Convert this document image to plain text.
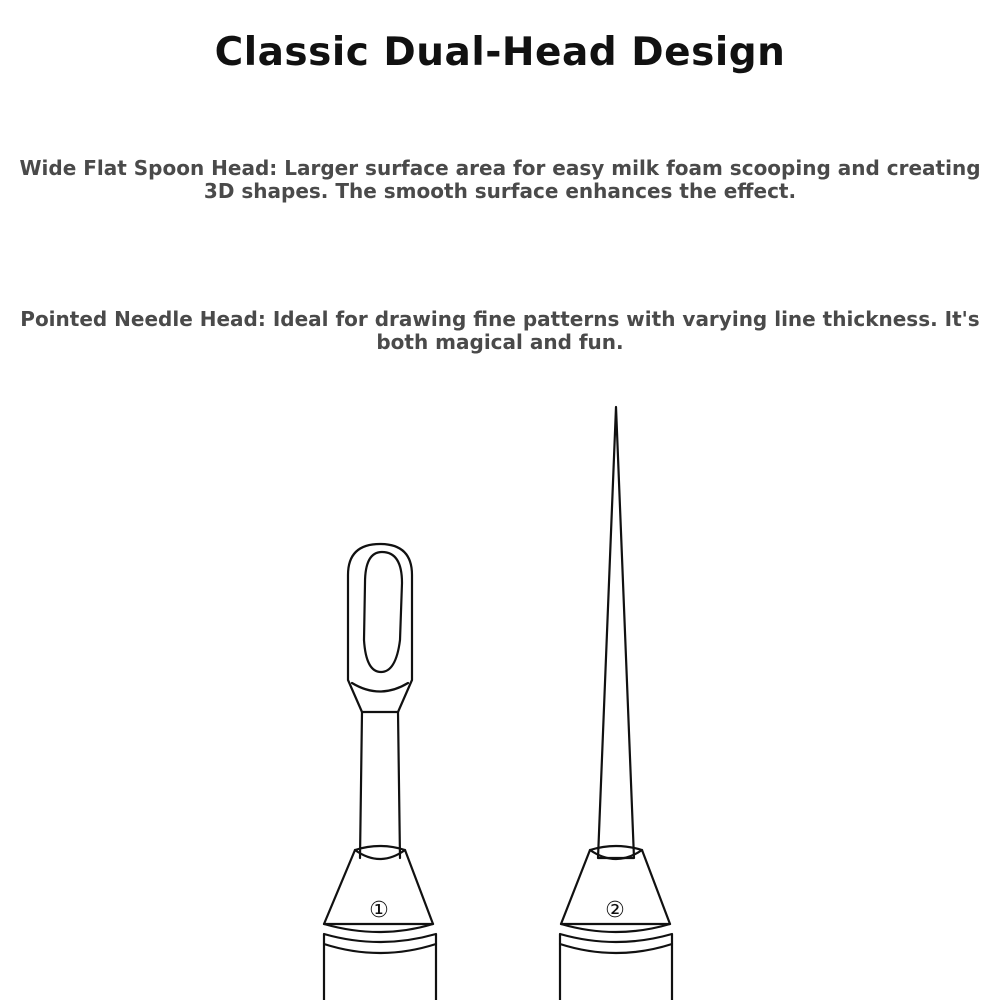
Classic Dual-Head Design
Wide Flat Spoon Head: Larger surface area for easy milk foam scooping and creating 3D shapes. The smooth surface enhances the effect.
Pointed Needle Head: Ideal for drawing fine patterns with varying line thickness. It's both magical and fun.
①	②
